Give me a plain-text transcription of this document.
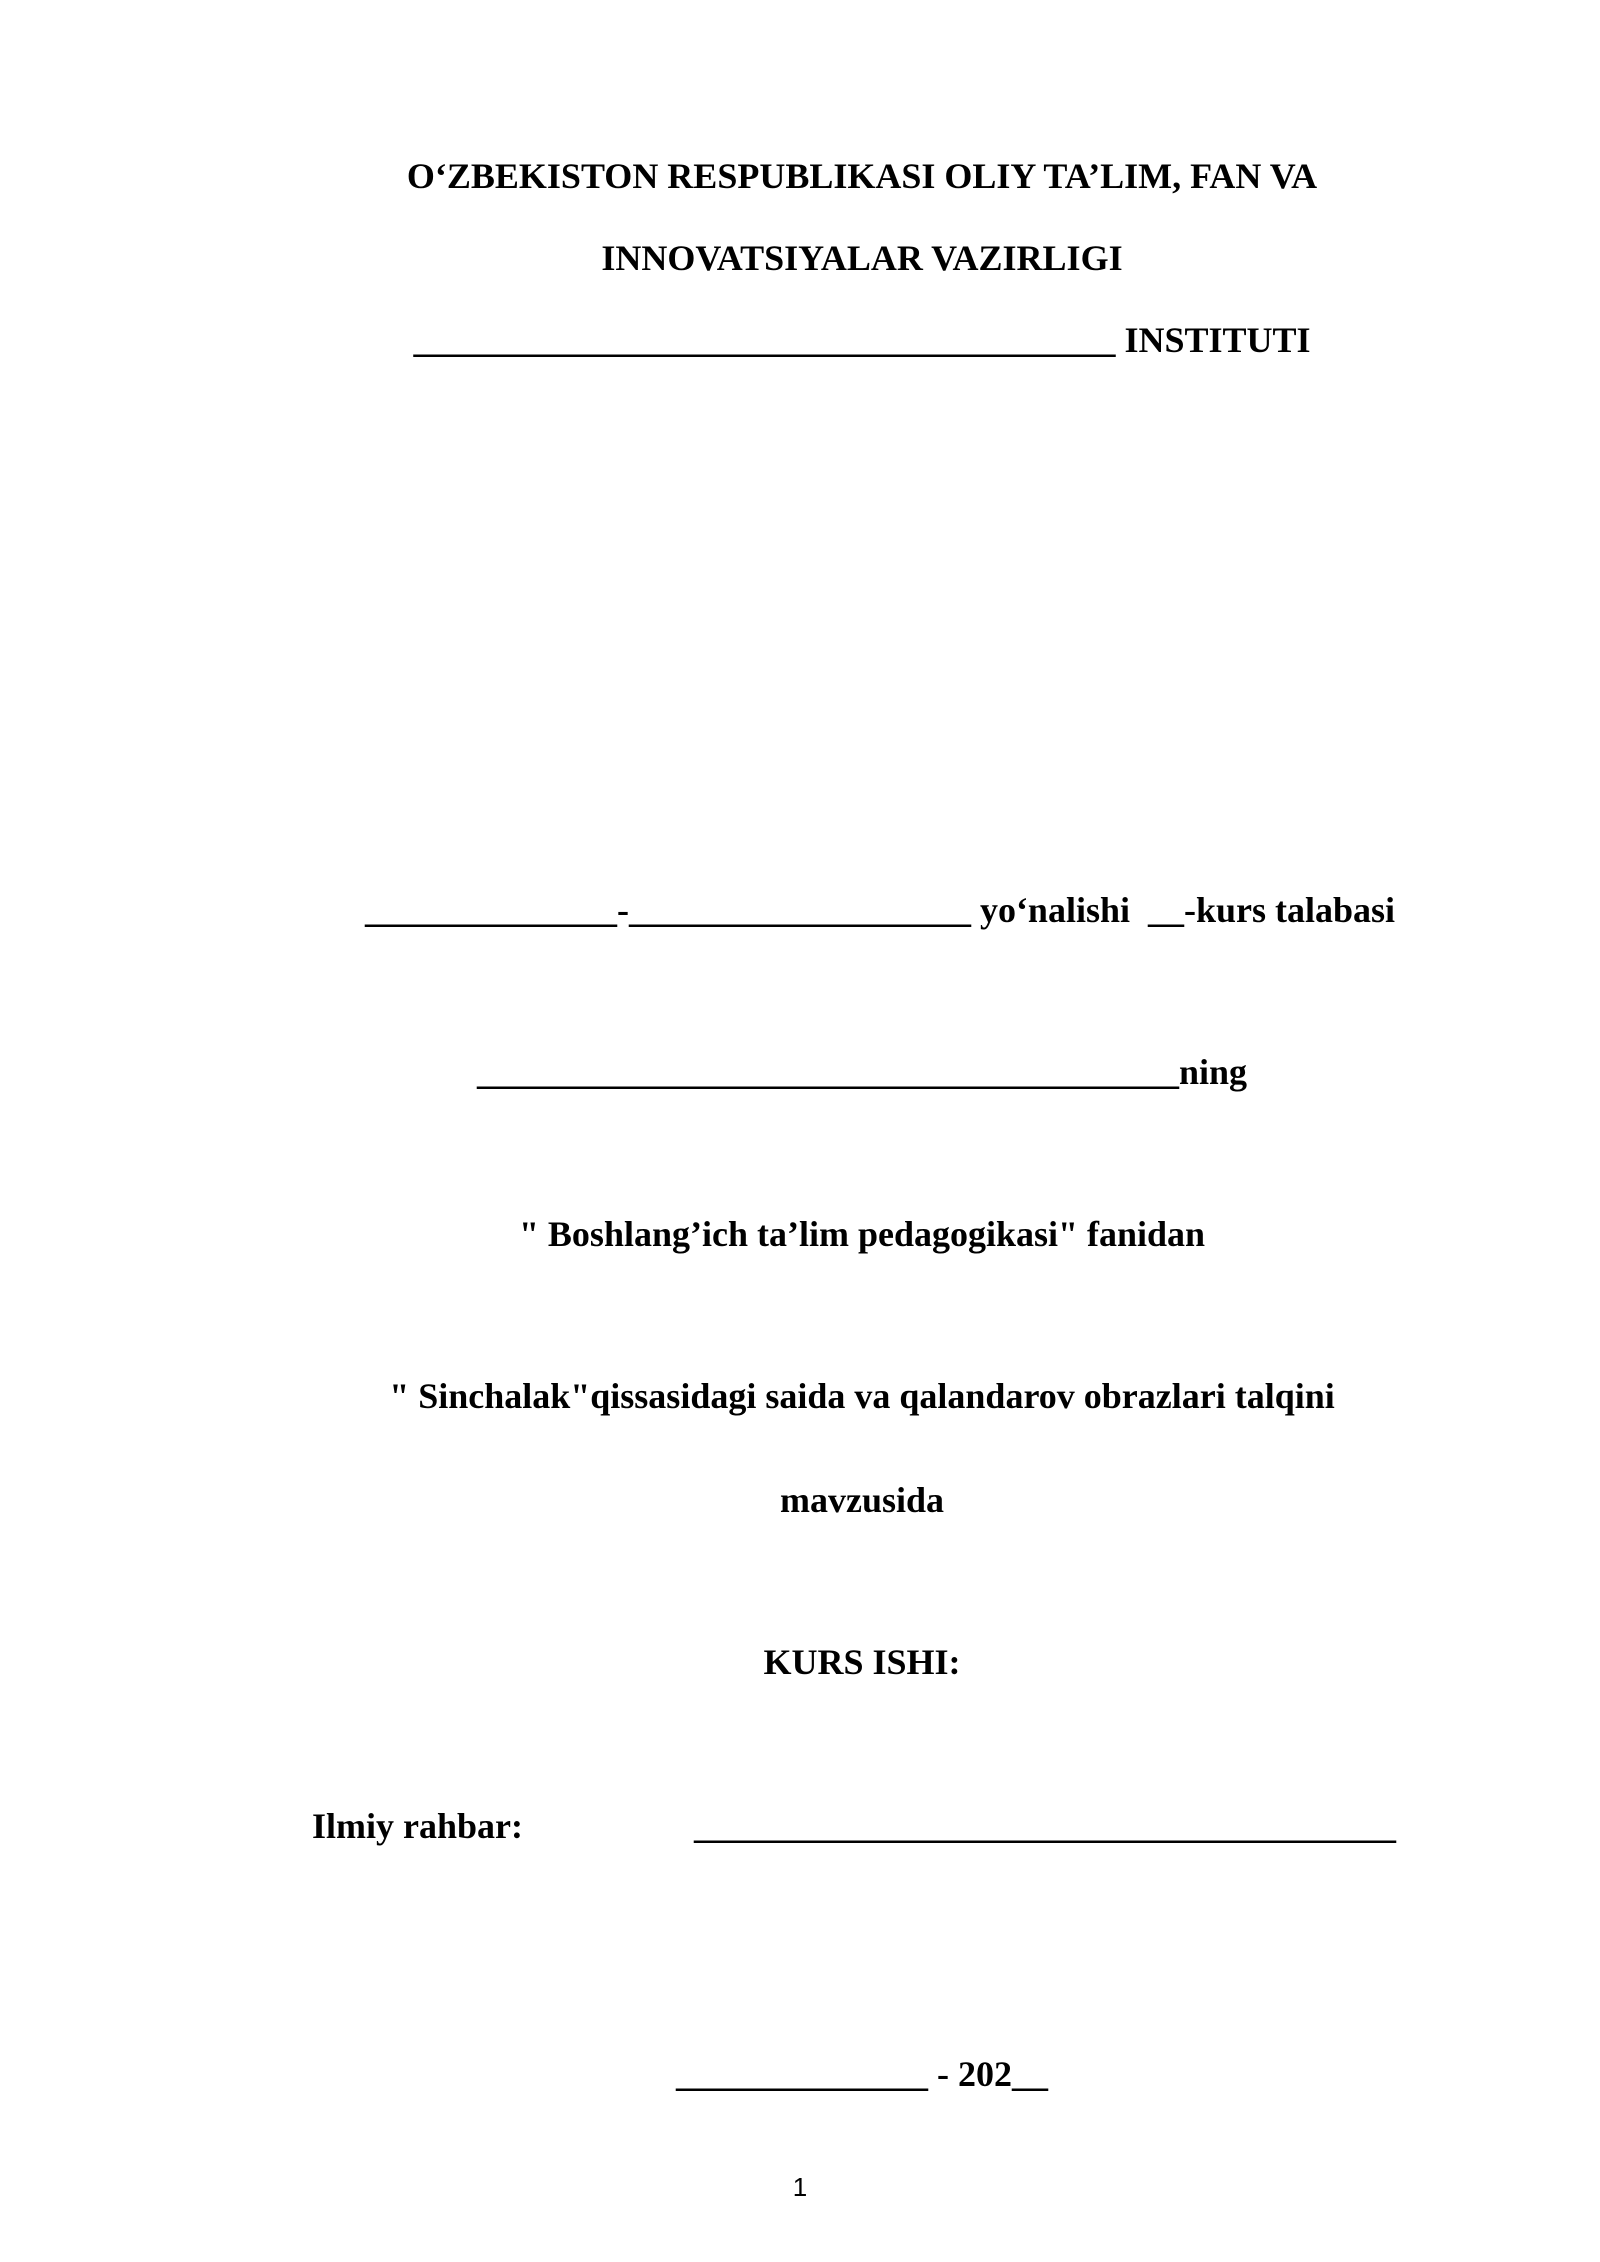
O‘ZBEKISTON RESPUBLIKASI OLIY TA’LIM, FAN VA
INNOVATSIYALAR VAZIRLIGI
_______________________________________ INSTITUTI
______________-___________________ yo‘nalishi  __-kurs talabasi
_______________________________________ning
" Boshlang’ich ta’lim pedagogikasi" fanidan
" Sinchalak"qissasidagi saida va qalandarov obrazlari talqini
mavzusida
KURS ISHI:

Ilmiy rahbar:

	_______________________________________

______________ - 202__
1
